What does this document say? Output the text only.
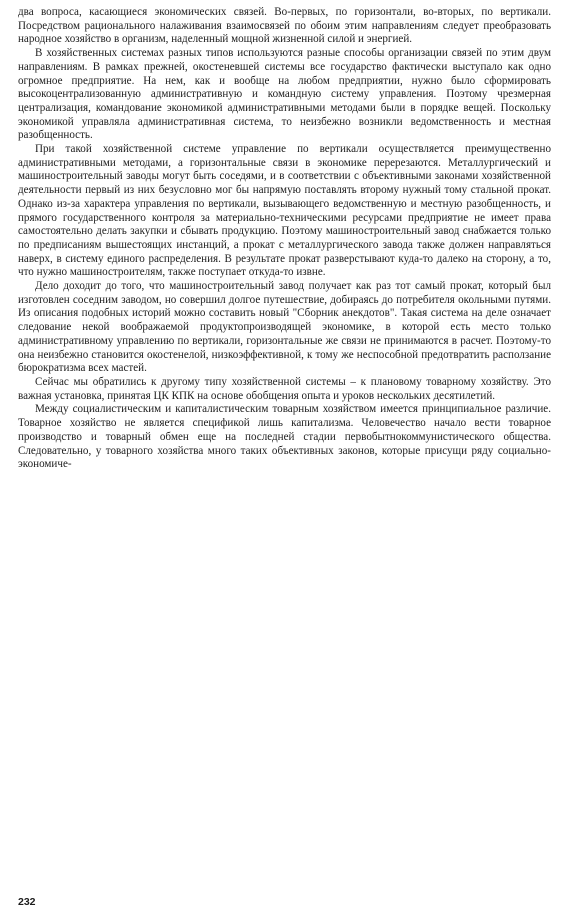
два вопроса, касающиеся экономических связей. Во-первых, по горизонтали, во-вторых, по вертикали. Посредством рационального налаживания взаимосвязей по обоим этим направлениям следует преобразовать народное хозяйство в организм, наделенный мощной жизненной силой и энергией.

В хозяйственных системах разных типов используются разные способы организации связей по этим двум направлениям. В рамках прежней, окостеневшей системы все государство фактически выступало как одно огромное предприятие. На нем, как и вообще на любом предприятии, нужно было сформировать высокоцентрализованную административную и командную систему управления. Поэтому чрезмерная централизация, командование экономикой административными методами были в порядке вещей. Поскольку экономикой управляла административная система, то неизбежно возникли ведомственность и местная разобщенность.

При такой хозяйственной системе управление по вертикали осуществляется преимущественно административными методами, а горизонтальные связи в экономике перерезаются. Металлургический и машиностроительный заводы могут быть соседями, и в соответствии с объективными законами хозяйственной деятельности первый из них безусловно мог бы напрямую поставлять второму нужный тому стальной прокат. Однако из-за характера управления по вертикали, вызывающего ведомственную и местную разобщенность, и прямого государственного контроля за материально-техническими ресурсами предприятие не имеет права самостоятельно делать закупки и сбывать продукцию. Поэтому машиностроительный завод снабжается только по предписаниям вышестоящих инстанций, а прокат с металлургического завода также должен направляться наверх, в систему единого распределения. В результате прокат разверстывают куда-то далеко на сторону, а то, что нужно машиностроителям, также поступает откуда-то извне.

Дело доходит до того, что машиностроительный завод получает как раз тот самый прокат, который был изготовлен соседним заводом, но совершил долгое путешествие, добираясь до потребителя окольными путями. Из описания подобных историй можно составить новый "Сборник анекдотов". Такая система на деле означает следование некой воображаемой продуктопроизводящей экономике, в которой есть место только административному управлению по вертикали, горизонтальные же связи не принимаются в расчет. Поэтому-то она неизбежно становится окостенелой, низкоэффективной, к тому же неспособной предотвратить расползание бюрократизма всех мастей.

Сейчас мы обратились к другому типу хозяйственной системы – к плановому товарному хозяйству. Это важная установка, принятая ЦК КПК на основе обобщения опыта и уроков нескольких десятилетий.

Между социалистическим и капиталистическим товарным хозяйством имеется принципиальное различие. Товарное хозяйство не является спецификой лишь капитализма. Человечество начало вести товарное производство и товарный обмен еще на последней стадии первобытнокоммунистического общества. Следовательно, у товарного хозяйства много таких объективных законов, которые присущи ряду социально-экономиче-

232
